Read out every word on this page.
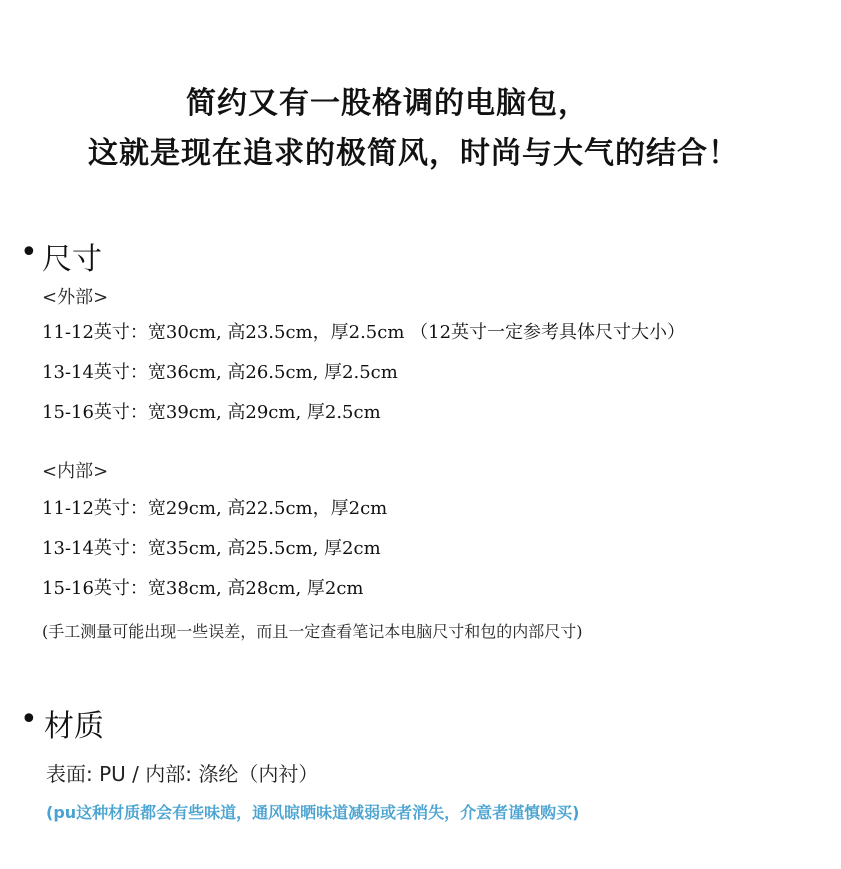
简约又有一股格调的电脑包，
这就是现在追求的极简风，时尚与大气的结合！
• 尺寸
<外部>
11-12英寸：宽30cm, 高23.5cm，厚2.5cm （12英寸一定参考具体尺寸大小）
13-14英寸：宽36cm, 高26.5cm, 厚2.5cm
15-16英寸：宽39cm, 高29cm, 厚2.5cm
<内部>
11-12英寸：宽29cm, 高22.5cm，厚2cm
13-14英寸：宽35cm, 高25.5cm, 厚2cm
15-16英寸：宽38cm, 高28cm, 厚2cm
(手工测量可能出现一些误差，而且一定查看笔记本电脑尺寸和包的内部尺寸)
• 材质
表面: PU / 内部: 涤纶（内衬）
(pu这种材质都会有些味道，通风晾晒味道减弱或者消失，介意者谨慎购买)
